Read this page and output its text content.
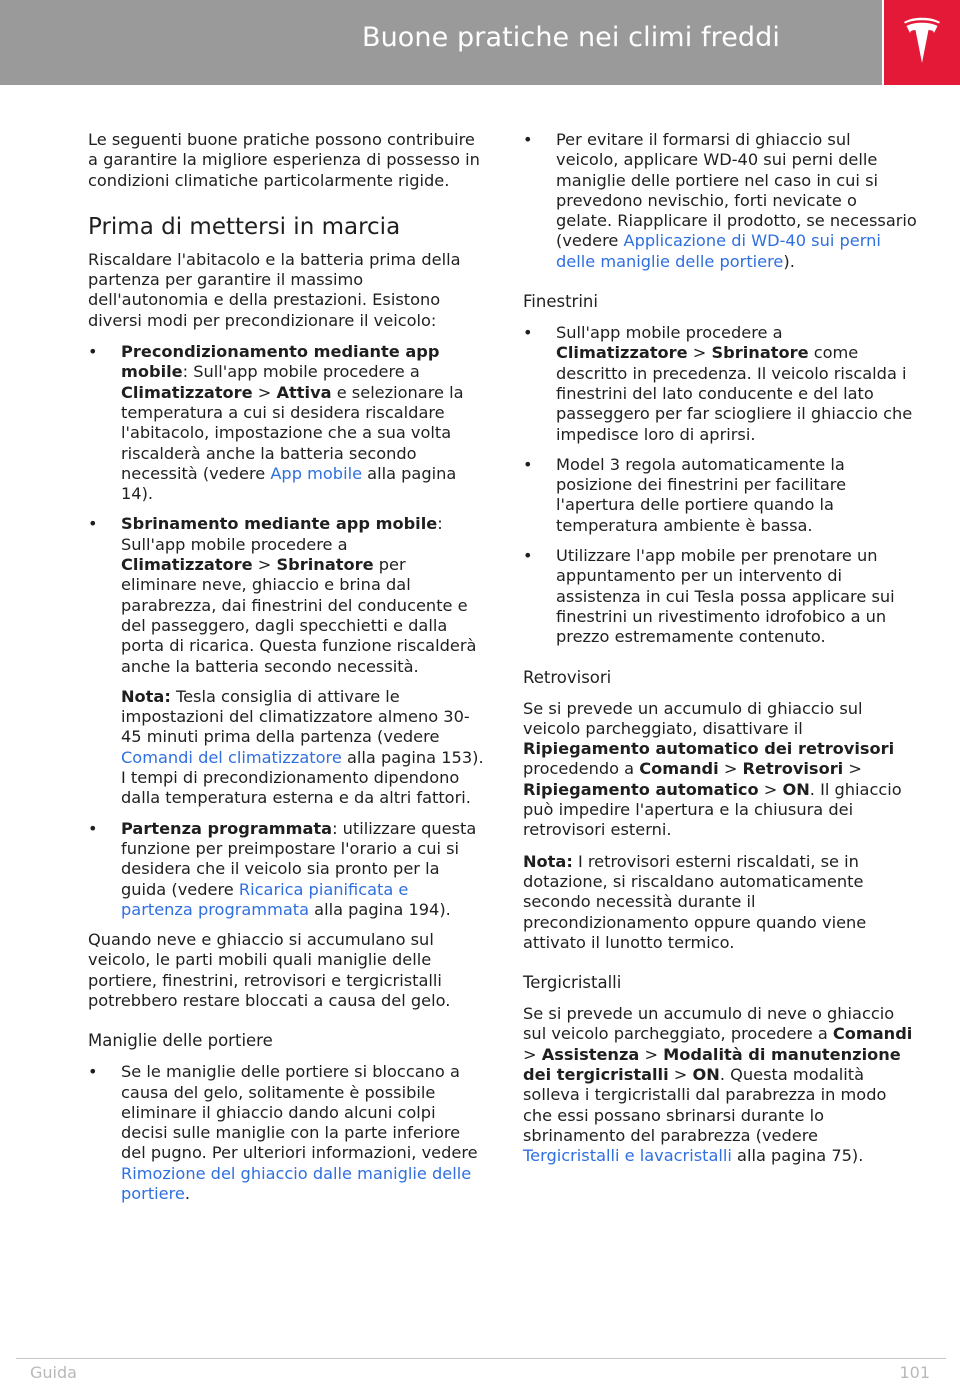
Buone pratiche nei climi freddi

Le seguenti buone pratiche possono contribuire a garantire la migliore esperienza di possesso in condizioni climatiche particolarmente rigide.

Prima di mettersi in marcia

Riscaldare l'abitacolo e la batteria prima della partenza per garantire il massimo dell'autonomia e della prestazioni. Esistono diversi modi per precondizionare il veicolo:

• Precondizionamento mediante app mobile: Sull'app mobile procedere a Climatizzatore > Attiva e selezionare la temperatura a cui si desidera riscaldare l'abitacolo, impostazione che a sua volta riscalderà anche la batteria secondo necessità (vedere App mobile alla pagina 14).
• Sbrinamento mediante app mobile: Sull'app mobile procedere a Climatizzatore > Sbrinatore per eliminare neve, ghiaccio e brina dal parabrezza, dai finestrini del conducente e del passeggero, dagli specchietti e dalla porta di ricarica. Questa funzione riscalderà anche la batteria secondo necessità.
Nota: Tesla consiglia di attivare le impostazioni del climatizzatore almeno 30-45 minuti prima della partenza (vedere Comandi del climatizzatore alla pagina 153). I tempi di precondizionamento dipendono dalla temperatura esterna e da altri fattori.
• Partenza programmata: utilizzare questa funzione per preimpostare l'orario a cui si desidera che il veicolo sia pronto per la guida (vedere Ricarica pianificata e partenza programmata alla pagina 194).

Quando neve e ghiaccio si accumulano sul veicolo, le parti mobili quali maniglie delle portiere, finestrini, retrovisori e tergicristalli potrebbero restare bloccati a causa del gelo.

Maniglie delle portiere
• Se le maniglie delle portiere si bloccano a causa del gelo, solitamente è possibile eliminare il ghiaccio dando alcuni colpi decisi sulle maniglie con la parte inferiore del pugno. Per ulteriori informazioni, vedere Rimozione del ghiaccio dalle maniglie delle portiere.
• Per evitare il formarsi di ghiaccio sul veicolo, applicare WD-40 sui perni delle maniglie delle portiere nel caso in cui si prevedono nevischio, forti nevicate o gelate. Riapplicare il prodotto, se necessario (vedere Applicazione di WD-40 sui perni delle maniglie delle portiere).
Finestrini
• Sull'app mobile procedere a Climatizzatore > Sbrinatore come descritto in precedenza. Il veicolo riscalda i finestrini del lato conducente e del lato passeggero per far sciogliere il ghiaccio che impedisce loro di aprirsi.
• Model 3 regola automaticamente la posizione dei finestrini per facilitare l'apertura delle portiere quando la temperatura ambiente è bassa.
• Utilizzare l'app mobile per prenotare un appuntamento per un intervento di assistenza in cui Tesla possa applicare sui finestrini un rivestimento idrofobico a un prezzo estremamente contenuto.
Retrovisori

Se si prevede un accumulo di ghiaccio sul veicolo parcheggiato, disattivare il Ripiegamento automatico dei retrovisori procedendo a Comandi > Retrovisori > Ripiegamento automatico > ON. Il ghiaccio può impedire l'apertura e la chiusura dei retrovisori esterni.

Nota: I retrovisori esterni riscaldati, se in dotazione, si riscaldano automaticamente secondo necessità durante il precondizionamento oppure quando viene attivato il lunotto termico.

Tergicristalli

Se si prevede un accumulo di neve o ghiaccio sul veicolo parcheggiato, procedere a Comandi > Assistenza > Modalità di manutenzione dei tergicristalli > ON. Questa modalità solleva i tergicristalli dal parabrezza in modo che essi possano sbrinarsi durante lo sbrinamento del parabrezza (vedere Tergicristalli e lavacristalli alla pagina 75).

Guida	101
